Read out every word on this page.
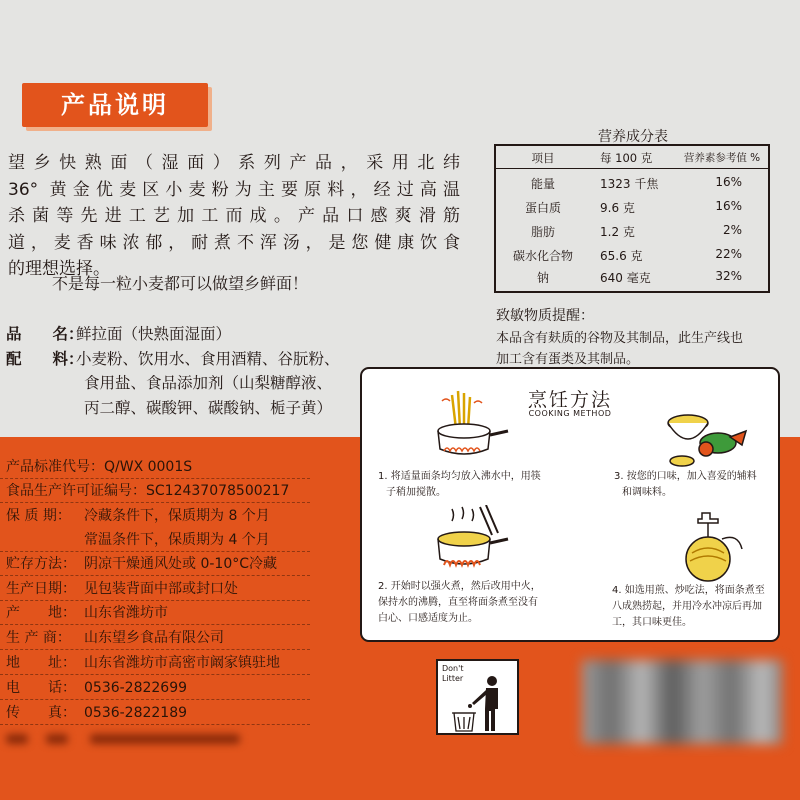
产品说明

望乡快熟面（湿面）系列产品，采用北纬

36° 黄金优麦区小麦粉为主要原料，经过高温

杀菌等先进工艺加工而成。产品口感爽滑筋

道，麦香味浓郁，耐煮不浑汤，是您健康饮食

的理想选择。

不是每一粒小麦都可以做望乡鲜面！
品　　名：鲜拉面（快熟面湿面）
配　　料：小麦粉、饮用水、食用酒精、谷朊粉、
食用盐、食品添加剂（山梨糖醇液、
丙二醇、碳酸钾、碳酸钠、栀子黄）
产品标准代号：Q/WX 0001S
食品生产许可证编号：SC12437078500217
保 质 期： 冷藏条件下，保质期为 8 个月
常温条件下，保质期为 4 个月
贮存方法： 阴凉干燥通风处或 0-10°C冷藏
生产日期： 见包装背面中部或封口处
产　　地： 山东省潍坊市
生 产 商： 山东望乡食品有限公司
地　　址： 山东省潍坊市高密市阚家镇驻地
电　　话： 0536-2822699
传　　真： 0536-2822189
营养成分表
项目	每 100 克	营养素参考值 %
能量	1323 千焦	16%
蛋白质	9.6 克	16%
脂肪	1.2 克	2%
碳水化合物	65.6 克	22%
钠	640 毫克	32%
致敏物质提醒：
本品含有麸质的谷物及其制品，此生产线也
加工含有蛋类及其制品。
烹饪方法
COOKING METHOD
1. 将适量面条均匀放入沸水中，用筷
子稍加搅散。
3. 按您的口味，加入喜爱的辅料
和调味料。
2. 开始时以强火煮，然后改用中火，
保持水的沸腾，直至将面条煮至没有
白心、口感适度为止。
4. 如选用煎、炒吃法，将面条煮至
八成熟捞起，并用冷水冲凉后再加
工，其口味更佳。
Don't
Litter
